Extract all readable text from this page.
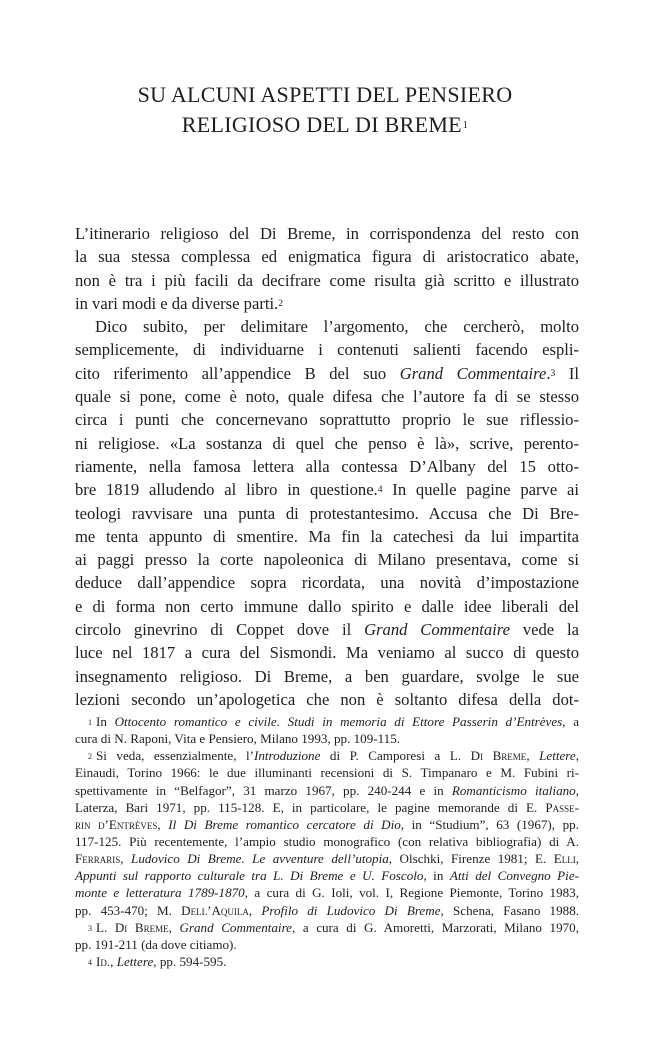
SU ALCUNI ASPETTI DEL PENSIERO
RELIGIOSO DEL DI BREME$^1$
L’itinerario religioso del Di Breme, in corrispondenza del resto con
la sua stessa complessa ed enigmatica figura di aristocratico abate,
non è tra i più facili da decifrare come risulta già scritto e illustrato
in vari modi e da diverse parti.$^2$
Dico subito, per delimitare l’argomento, che cercherò, molto
semplicemente, di individuarne i contenuti salienti facendo espli-
cito riferimento all’appendice B del suo Grand Commentaire.$^3$ Il
quale si pone, come è noto, quale difesa che l’autore fa di se stesso
circa i punti che concernevano soprattutto proprio le sue riflessio-
ni religiose. «La sostanza di quel che penso è là», scrive, perento-
riamente, nella famosa lettera alla contessa D’Albany del 15 otto-
bre 1819 alludendo al libro in questione.$^4$ In quelle pagine parve ai
teologi ravvisare una punta di protestantesimo. Accusa che Di Bre-
me tenta appunto di smentire. Ma fin la catechesi da lui impartita
ai paggi presso la corte napoleonica di Milano presentava, come si
deduce dall’appendice sopra ricordata, una novità d’impostazione
e di forma non certo immune dallo spirito e dalle idee liberali del
circolo ginevrino di Coppet dove il Grand Commentaire vede la
luce nel 1817 a cura del Sismondi. Ma veniamo al succo di questo
insegnamento religioso. Di Breme, a ben guardare, svolge le sue
lezioni secondo un’apologetica che non è soltanto difesa della dot-
$^1$ In Ottocento romantico e civile. Studi in memoria di Ettore Passerin d’Entrèves, a
cura di N. Raponi, Vita e Pensiero, Milano 1993, pp. 109-115.
$^2$ Si veda, essenzialmente, l’Introduzione di P. Camporesi a L. Di Breme, Lettere,
Einaudi, Torino 1966: le due illuminanti recensioni di S. Timpanaro e M. Fubini ri-
spettivamente in “Belfagor”, 31 marzo 1967, pp. 240-244 e in Romanticismo italiano,
Laterza, Bari 1971, pp. 115-128. E, in particolare, le pagine memorande di E. Passe-
rin d’Entrèves, Il Di Breme romantico cercatore di Dio, in “Studium”, 63 (1967), pp.
117-125. Più recentemente, l’ampio studio monografico (con relativa bibliografia) di A.
Ferraris, Ludovico Di Breme. Le avventure dell’utopia, Olschki, Firenze 1981; E. Elli,
Appunti sul rapporto culturale tra L. Di Breme e U. Foscolo, in Atti del Convegno Pie-
monte e letteratura 1789-1870, a cura di G. Ioli, vol. I, Regione Piemonte, Torino 1983,
pp. 453-470; M. Dell’Aquila, Profilo di Ludovico Di Breme, Schena, Fasano 1988.
$^3$ L. Di Breme, Grand Commentaire, a cura di G. Amoretti, Marzorati, Milano 1970,
pp. 191-211 (da dove citiamo).
$^4$ Id., Lettere, pp. 594-595.
